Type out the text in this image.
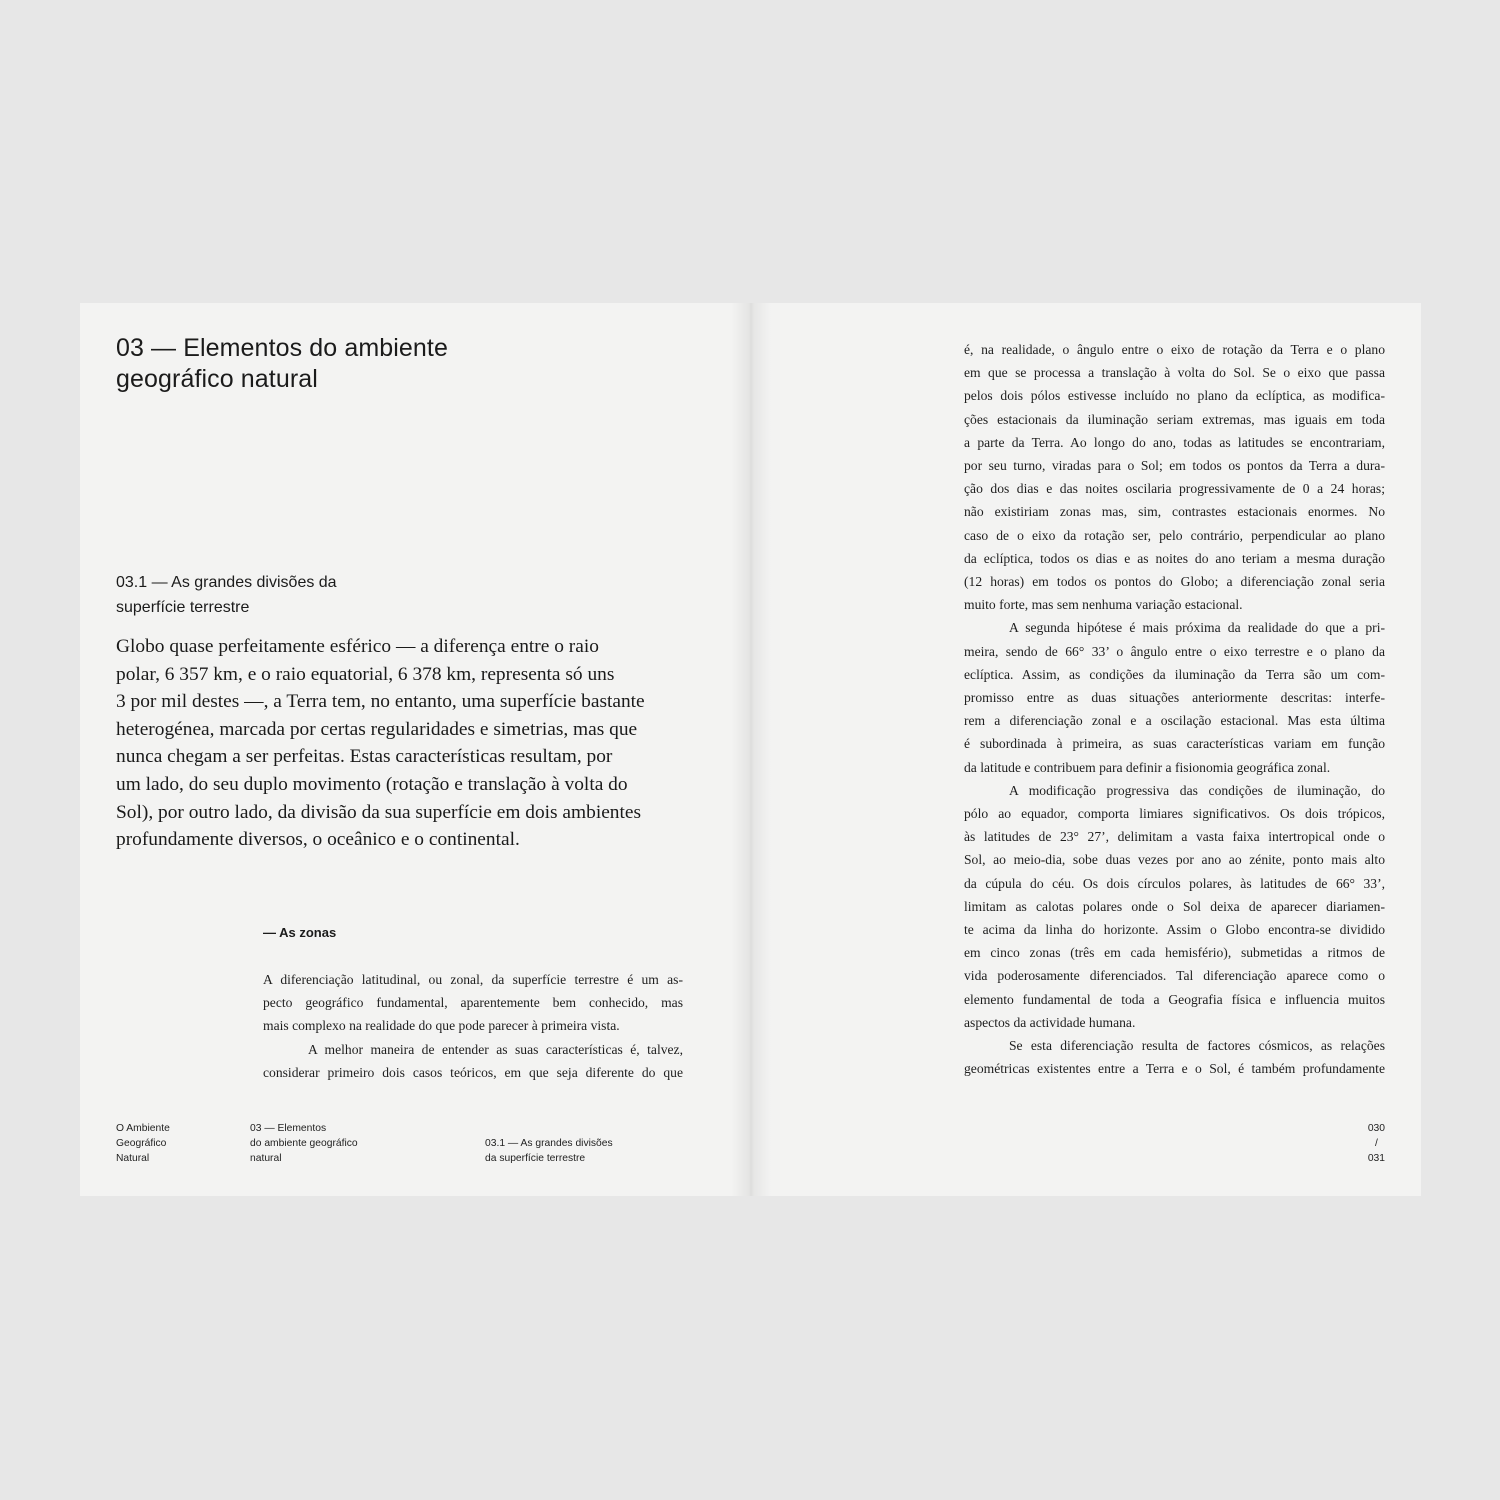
03 — Elementos do ambiente
geográfico natural
03.1 — As grandes divisões da
superfície terrestre

Globo quase perfeitamente esférico — a diferença entre o raio
polar, 6 357 km, e o raio equatorial, 6 378 km, representa só uns
3 por mil destes —, a Terra tem, no entanto, uma superfície bastante
heterogénea, marcada por certas regularidades e simetrias, mas que
nunca chegam a ser perfeitas. Estas características resultam, por
um lado, do seu duplo movimento (rotação e translação à volta do
Sol), por outro lado, da divisão da sua superfície em dois ambientes
profundamente diversos, o oceânico e o continental.

— As zonas
A diferenciação latitudinal, ou zonal, da superfície terrestre é um as-
pecto geográfico fundamental, aparentemente bem conhecido, mas
mais complexo na realidade do que pode parecer à primeira vista.
A melhor maneira de entender as suas características é, talvez,
considerar primeiro dois casos teóricos, em que seja diferente do que
O Ambiente
Geográfico
Natural
03 — Elementos
do ambiente geográfico
natural
03.1 — As grandes divisões
da superfície terrestre
é, na realidade, o ângulo entre o eixo de rotação da Terra e o plano
em que se processa a translação à volta do Sol. Se o eixo que passa
pelos dois pólos estivesse incluído no plano da eclíptica, as modifica-
ções estacionais da iluminação seriam extremas, mas iguais em toda
a parte da Terra. Ao longo do ano, todas as latitudes se encontrariam,
por seu turno, viradas para o Sol; em todos os pontos da Terra a dura-
ção dos dias e das noites oscilaria progressivamente de 0 a 24 horas;
não existiriam zonas mas, sim, contrastes estacionais enormes. No
caso de o eixo da rotação ser, pelo contrário, perpendicular ao plano
da eclíptica, todos os dias e as noites do ano teriam a mesma duração
(12 horas) em todos os pontos do Globo; a diferenciação zonal seria
muito forte, mas sem nenhuma variação estacional.
A segunda hipótese é mais próxima da realidade do que a pri-
meira, sendo de 66° 33’ o ângulo entre o eixo terrestre e o plano da
eclíptica. Assim, as condições da iluminação da Terra são um com-
promisso entre as duas situações anteriormente descritas: interfe-
rem a diferenciação zonal e a oscilação estacional. Mas esta última
é subordinada à primeira, as suas características variam em função
da latitude e contribuem para definir a fisionomia geográfica zonal.
A modificação progressiva das condições de iluminação, do
pólo ao equador, comporta limiares significativos. Os dois trópicos,
às latitudes de 23° 27’, delimitam a vasta faixa intertropical onde o
Sol, ao meio-dia, sobe duas vezes por ano ao zénite, ponto mais alto
da cúpula do céu. Os dois círculos polares, às latitudes de 66° 33’,
limitam as calotas polares onde o Sol deixa de aparecer diariamen-
te acima da linha do horizonte. Assim o Globo encontra-se dividido
em cinco zonas (três em cada hemisfério), submetidas a ritmos de
vida poderosamente diferenciados. Tal diferenciação aparece como o
elemento fundamental de toda a Geografia física e influencia muitos
aspectos da actividade humana.
Se esta diferenciação resulta de factores cósmicos, as relações
geométricas existentes entre a Terra e o Sol, é também profundamente
030
/
031
